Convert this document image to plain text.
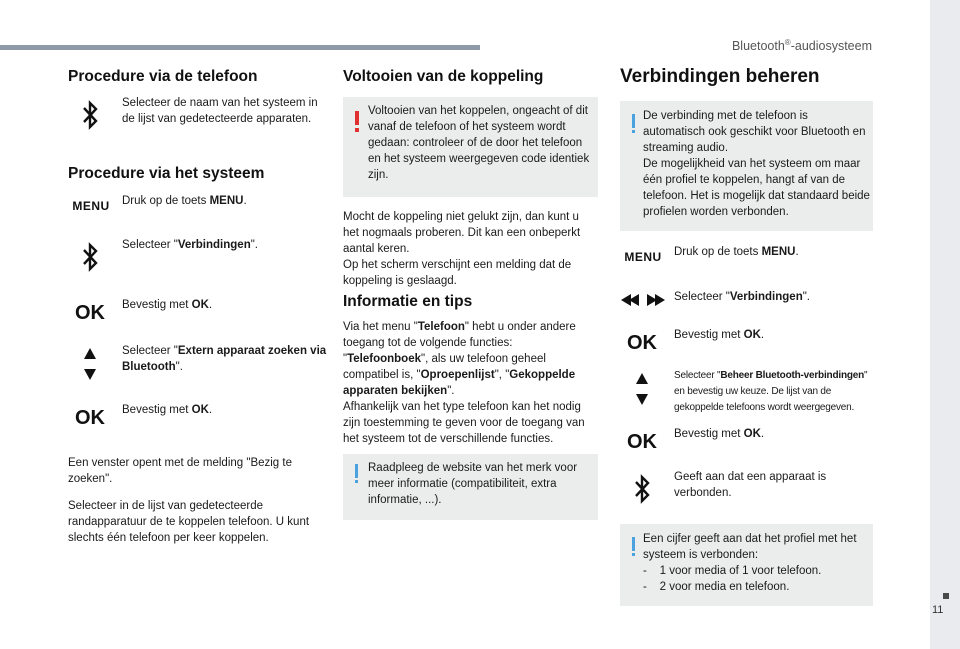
Bluetooth®-audiosysteem
11
Procedure via de telefoon
Selecteer de naam van het systeem in de lijst van gedetecteerde apparaten.
Procedure via het systeem
MENU Druk op de toets MENU.
Selecteer "Verbindingen".
OK Bevestig met OK.
Selecteer "Extern apparaat zoeken via Bluetooth".
OK Bevestig met OK.
Een venster opent met de melding "Bezig te zoeken".
Selecteer in de lijst van gedetecteerde randapparatuur de te koppelen telefoon. U kunt slechts één telefoon per keer koppelen.
Voltooien van de koppeling
Voltooien van het koppelen, ongeacht of dit vanaf de telefoon of het systeem wordt gedaan: controleer of de door het telefoon en het systeem weergegeven code identiek zijn.
Mocht de koppeling niet gelukt zijn, dan kunt u het nogmaals proberen. Dit kan een onbeperkt aantal keren.
Op het scherm verschijnt een melding dat de koppeling is geslaagd.
Informatie en tips
Via het menu "Telefoon" hebt u onder andere toegang tot de volgende functies: "Telefoonboek", als uw telefoon geheel compatibel is, "Oproepenlijst", "Gekoppelde apparaten bekijken".
Afhankelijk van het type telefoon kan het nodig zijn toestemming te geven voor de toegang van het systeem tot de verschillende functies.
Raadpleeg de website van het merk voor meer informatie (compatibiliteit, extra informatie, ...).
Verbindingen beheren
De verbinding met de telefoon is automatisch ook geschikt voor Bluetooth en streaming audio.
De mogelijkheid van het systeem om maar één profiel te koppelen, hangt af van de telefoon. Het is mogelijk dat standaard beide profielen worden verbonden.
MENU Druk op de toets MENU.
Selecteer "Verbindingen".
OK Bevestig met OK.
Selecteer "Beheer Bluetooth-verbindingen" en bevestig uw keuze. De lijst van de gekoppelde telefoons wordt weergegeven.
OK Bevestig met OK.
Geeft aan dat een apparaat is verbonden.
Een cijfer geeft aan dat het profiel met het systeem is verbonden:
-    1 voor media of 1 voor telefoon.
-    2 voor media en telefoon.
